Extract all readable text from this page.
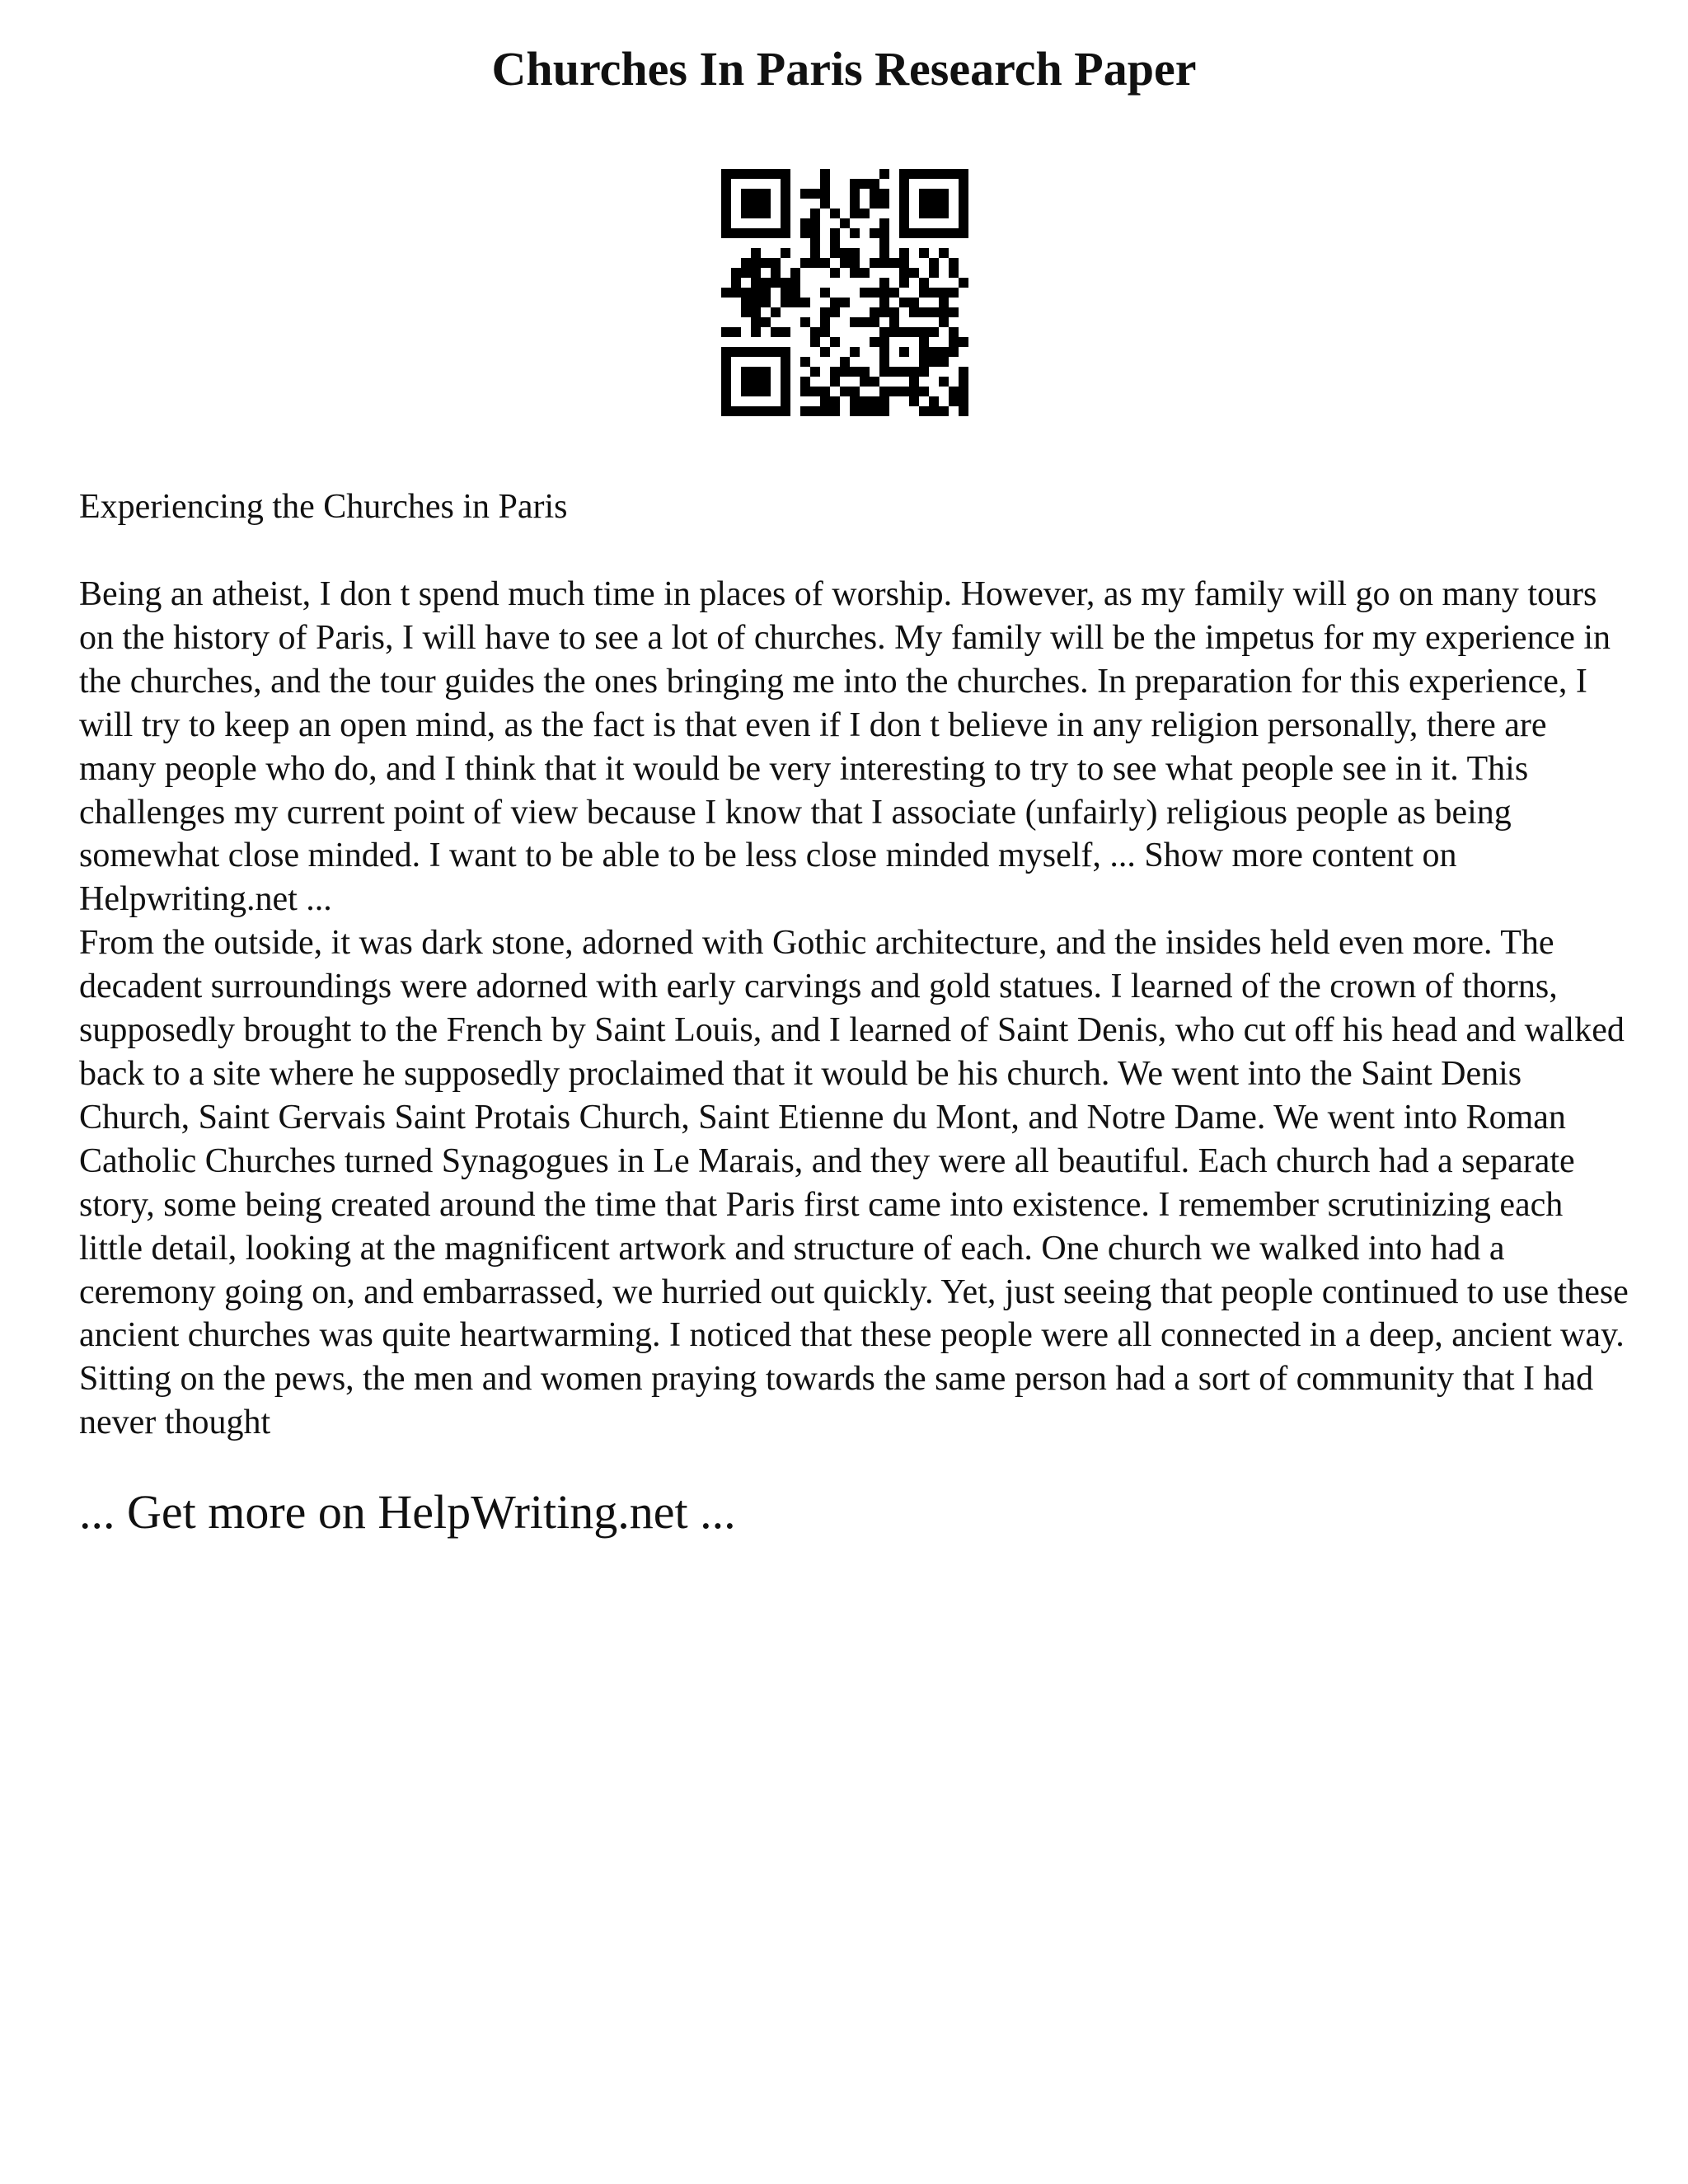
Churches In Paris Research Paper

Experiencing the Churches in Paris

Being an atheist, I don t spend much time in places of worship. However, as my family will go on many tours on the history of Paris, I will have to see a lot of churches. My family will be the impetus for my experience in the churches, and the tour guides the ones bringing me into the churches. In preparation for this experience, I will try to keep an open mind, as the fact is that even if I don t believe in any religion personally, there are many people who do, and I think that it would be very interesting to try to see what people see in it. This challenges my current point of view because I know that I associate (unfairly) religious people as being somewhat close minded. I want to be able to be less close minded myself, ... Show more content on Helpwriting.net ...

From the outside, it was dark stone, adorned with Gothic architecture, and the insides held even more. The decadent surroundings were adorned with early carvings and gold statues. I learned of the crown of thorns, supposedly brought to the French by Saint Louis, and I learned of Saint Denis, who cut off his head and walked back to a site where he supposedly proclaimed that it would be his church. We went into the Saint Denis Church, Saint Gervais Saint Protais Church, Saint Etienne du Mont, and Notre Dame. We went into Roman Catholic Churches turned Synagogues in Le Marais, and they were all beautiful. Each church had a separate story, some being created around the time that Paris first came into existence. I remember scrutinizing each little detail, looking at the magnificent artwork and structure of each. One church we walked into had a ceremony going on, and embarrassed, we hurried out quickly. Yet, just seeing that people continued to use these ancient churches was quite heartwarming. I noticed that these people were all connected in a deep, ancient way. Sitting on the pews, the men and women praying towards the same person had a sort of community that I had never thought

... Get more on HelpWriting.net ...
